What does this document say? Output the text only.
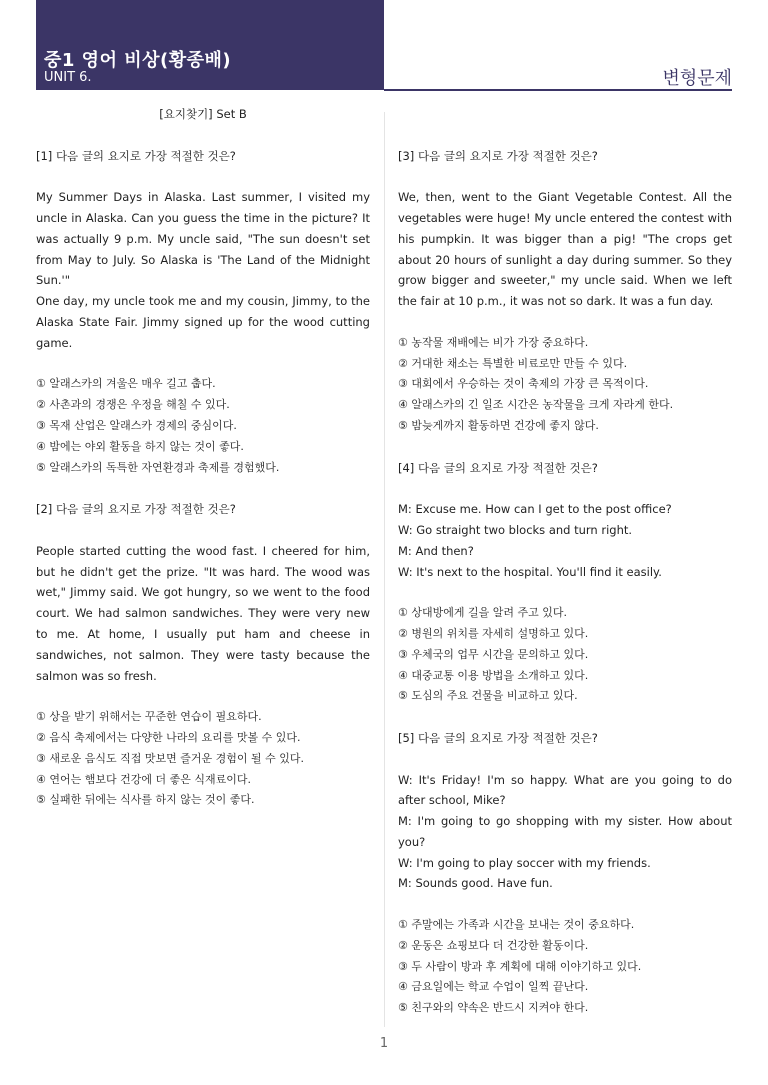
중1 영어 비상(황종배)
UNIT 6.	변형문제

[요지찾기] Set B

[1] 다음 글의 요지로 가장 적절한 것은?

My Summer Days in Alaska. Last summer, I visited my uncle in Alaska. Can you guess the time in the picture? It was actually 9 p.m. My uncle said, "The sun doesn't set from May to July. So Alaska is 'The Land of the Midnight Sun.'"

One day, my uncle took me and my cousin, Jimmy, to the Alaska State Fair. Jimmy signed up for the wood cutting game.

① 알래스카의 겨울은 매우 길고 춥다.

② 사촌과의 경쟁은 우정을 해칠 수 있다.

③ 목재 산업은 알래스카 경제의 중심이다.

④ 밤에는 야외 활동을 하지 않는 것이 좋다.

⑤ 알래스카의 독특한 자연환경과 축제를 경험했다.

[2] 다음 글의 요지로 가장 적절한 것은?

People started cutting the wood fast. I cheered for him, but he didn't get the prize. "It was hard. The wood was wet," Jimmy said. We got hungry, so we went to the food court. We had salmon sandwiches. They were very new to me. At home, I usually put ham and cheese in sandwiches, not salmon. They were tasty because the salmon was so fresh.

① 상을 받기 위해서는 꾸준한 연습이 필요하다.

② 음식 축제에서는 다양한 나라의 요리를 맛볼 수 있다.

③ 새로운 음식도 직접 맛보면 즐거운 경험이 될 수 있다.

④ 연어는 햄보다 건강에 더 좋은 식재료이다.

⑤ 실패한 뒤에는 식사를 하지 않는 것이 좋다.

[3] 다음 글의 요지로 가장 적절한 것은?

We, then, went to the Giant Vegetable Contest. All the vegetables were huge! My uncle entered the contest with his pumpkin. It was bigger than a pig! "The crops get about 20 hours of sunlight a day during summer. So they grow bigger and sweeter," my uncle said. When we left the fair at 10 p.m., it was not so dark. It was a fun day.

① 농작물 재배에는 비가 가장 중요하다.

② 거대한 채소는 특별한 비료로만 만들 수 있다.

③ 대회에서 우승하는 것이 축제의 가장 큰 목적이다.

④ 알래스카의 긴 일조 시간은 농작물을 크게 자라게 한다.

⑤ 밤늦게까지 활동하면 건강에 좋지 않다.

[4] 다음 글의 요지로 가장 적절한 것은?

M: Excuse me. How can I get to the post office?

W: Go straight two blocks and turn right.

M: And then?

W: It's next to the hospital. You'll find it easily.

① 상대방에게 길을 알려 주고 있다.

② 병원의 위치를 자세히 설명하고 있다.

③ 우체국의 업무 시간을 문의하고 있다.

④ 대중교통 이용 방법을 소개하고 있다.

⑤ 도심의 주요 건물을 비교하고 있다.

[5] 다음 글의 요지로 가장 적절한 것은?

W: It's Friday! I'm so happy. What are you going to do after school, Mike?

M: I'm going to go shopping with my sister. How about you?

W: I'm going to play soccer with my friends.

M: Sounds good. Have fun.

① 주말에는 가족과 시간을 보내는 것이 중요하다.

② 운동은 쇼핑보다 더 건강한 활동이다.

③ 두 사람이 방과 후 계획에 대해 이야기하고 있다.

④ 금요일에는 학교 수업이 일찍 끝난다.

⑤ 친구와의 약속은 반드시 지켜야 한다.

1
